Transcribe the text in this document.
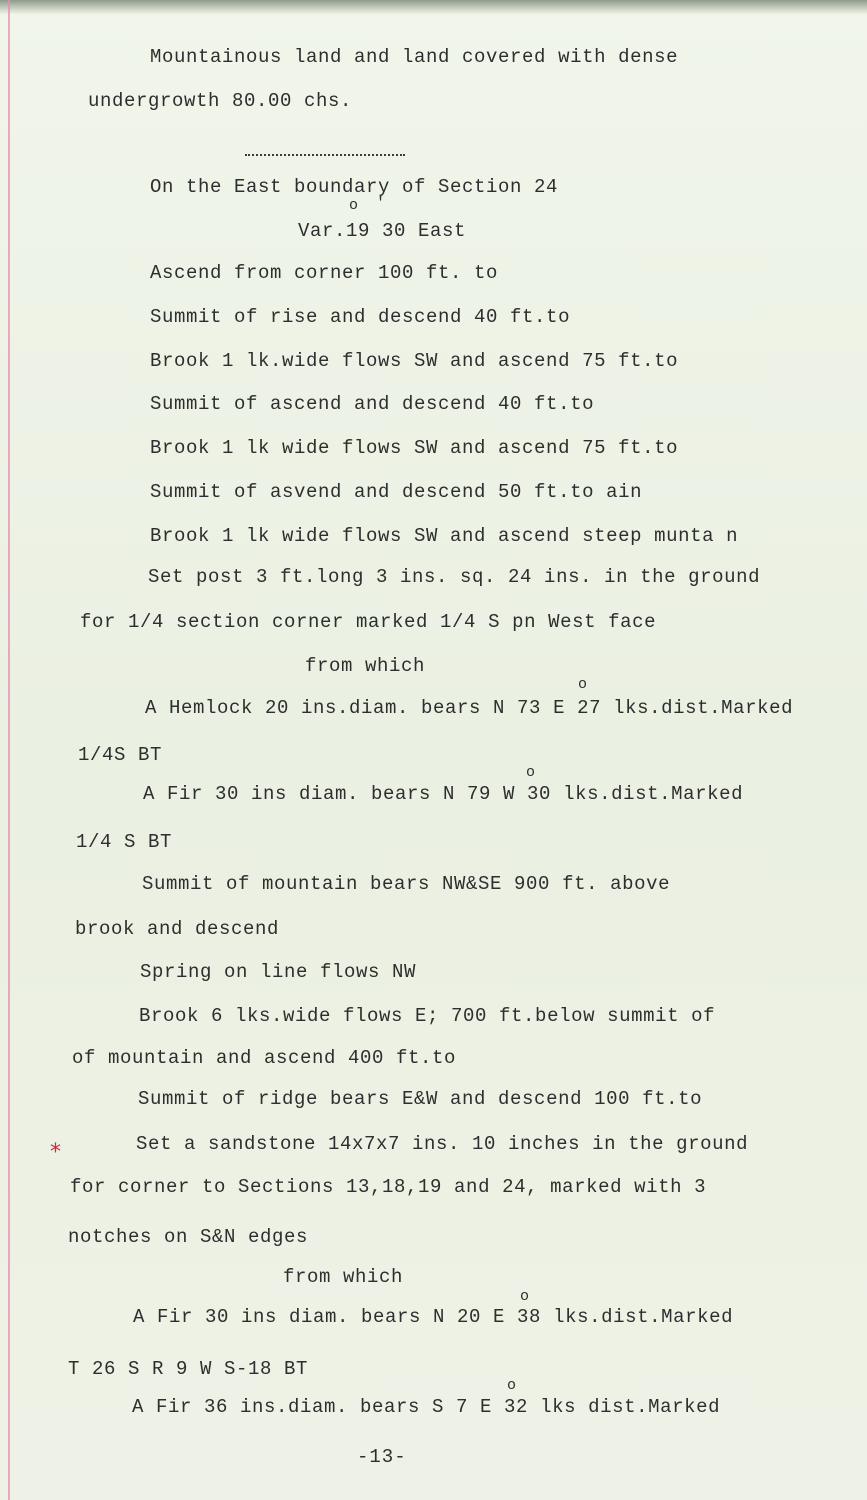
Mountainous land and land covered with dense
undergrowth 80.00 chs.
On the East boundary of Section 24
o '
Var.19 30 East
Ascend from corner 100 ft. to
Summit of rise and descend 40 ft.to
Brook 1 lk.wide flows SW and ascend 75 ft.to
Summit of ascend and descend 40 ft.to
Brook 1 lk wide flows SW and ascend 75 ft.to
Summit of asvend and descend 50 ft.to ain
Brook 1 lk wide flows SW and ascend steep munta n
Set post 3 ft.long 3 ins. sq. 24 ins. in the ground
for 1/4 section corner marked 1/4 S pn West face
from which
o
A Hemlock 20 ins.diam. bears N 73 E 27 lks.dist.Marked
1/4S BT
o
A Fir 30 ins diam. bears N 79 W 30 lks.dist.Marked
1/4 S BT
Summit of mountain bears NW&SE 900 ft. above
brook and descend
Spring on line flows NW
Brook 6 lks.wide flows E; 700 ft.below summit of
of mountain and ascend 400 ft.to
Summit of ridge bears E&W and descend 100 ft.to
*	Set a sandstone 14x7x7 ins. 10 inches in the ground
for corner to Sections 13,18,19 and 24, marked with 3
notches on S&N edges
from which
o
A Fir 30 ins diam. bears N 20 E 38 lks.dist.Marked
T 26 S R 9 W S-18 BT
o
A Fir 36 ins.diam. bears S 7 E 32 lks dist.Marked
-13-
